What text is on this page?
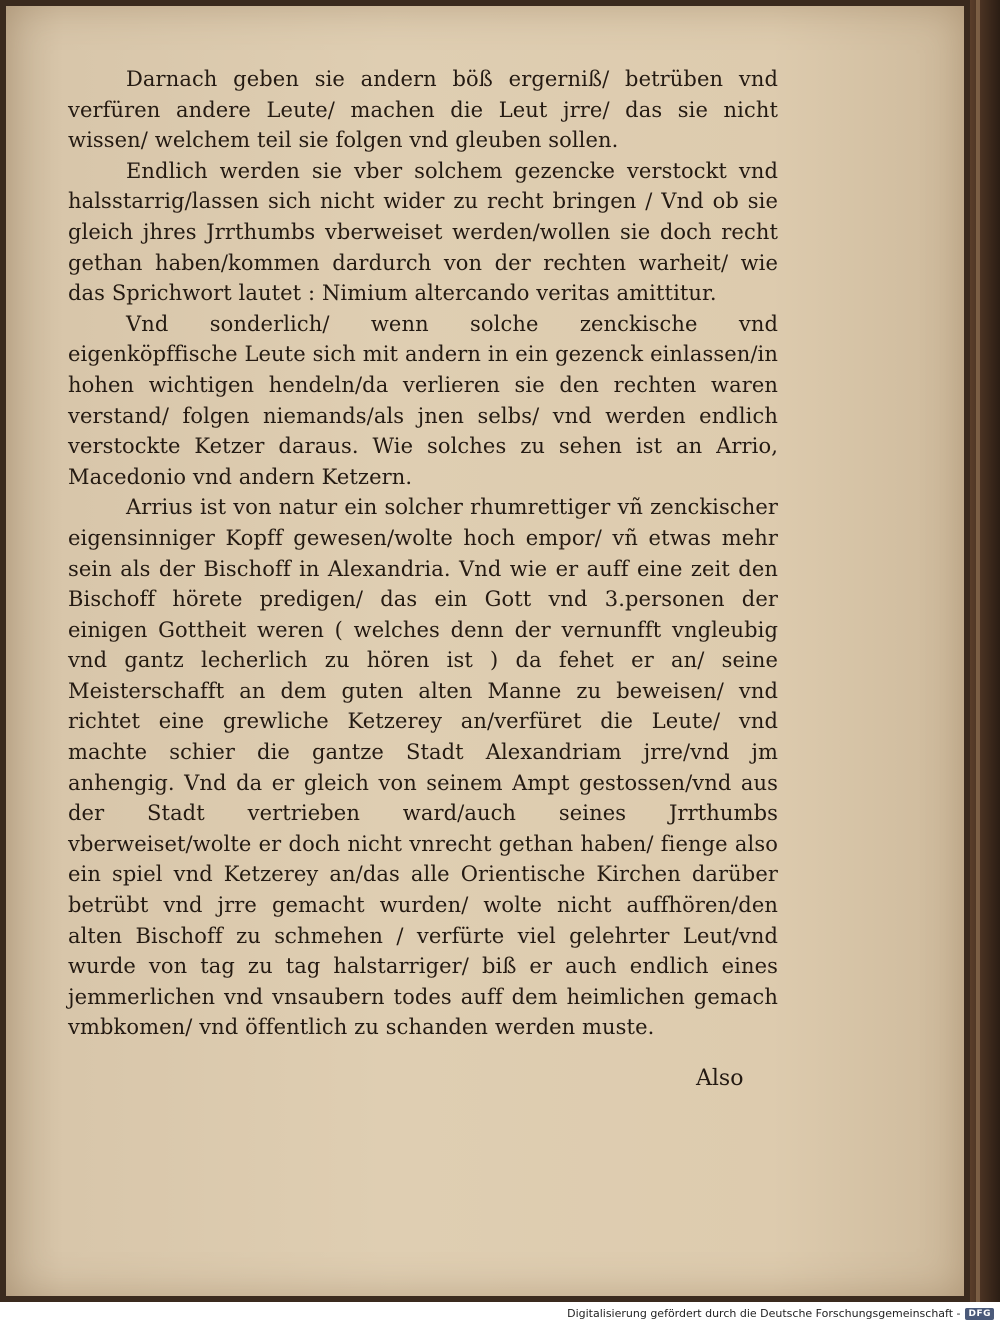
Darnach geben sie andern böß ergerniß/ betrüben vnd verfüren andere Leute/ machen die Leut jrre/ das sie nicht wissen/ welchem teil sie folgen vnd gleuben sollen.

Endlich werden sie vber solchem gezencke verstockt vnd halsstarrig/lassen sich nicht wider zu recht bringen / Vnd ob sie gleich jhres Jrrthumbs vberweiset werden/wollen sie doch recht gethan haben/kommen dardurch von der rechten warheit/ wie das Sprichwort lautet : Nimium altercando veritas amittitur.

Vnd sonderlich/ wenn solche zenckische vnd eigenköpffische Leute sich mit andern in ein gezenck einlassen/in hohen wichtigen hendeln/da verlieren sie den rechten waren verstand/ folgen niemands/als jnen selbs/ vnd werden endlich verstockte Ketzer daraus. Wie solches zu sehen ist an Arrio, Macedonio vnd andern Ketzern.

Arrius ist von natur ein solcher rhumrettiger vñ zenckischer eigensinniger Kopff gewesen/wolte hoch empor/ vñ etwas mehr sein als der Bischoff in Alexandria. Vnd wie er auff eine zeit den Bischoff hörete predigen/ das ein Gott vnd 3.personen der einigen Gottheit weren ( welches denn der vernunfft vngleubig vnd gantz lecherlich zu hören ist ) da fehet er an/ seine Meisterschafft an dem guten alten Manne zu beweisen/ vnd richtet eine grewliche Ketzerey an/verfüret die Leute/ vnd machte schier die gantze Stadt Alexandriam jrre/vnd jm anhengig. Vnd da er gleich von seinem Ampt gestossen/vnd aus der Stadt vertrieben ward/auch seines Jrrthumbs vberweiset/wolte er doch nicht vnrecht gethan haben/ fienge also ein spiel vnd Ketzerey an/das alle Orientische Kirchen darüber betrübt vnd jrre gemacht wurden/ wolte nicht auffhören/den alten Bischoff zu schmehen / verfürte viel gelehrter Leut/vnd wurde von tag zu tag halstarriger/ biß er auch endlich eines jemmerlichen vnd vnsaubern todes auff dem heimlichen gemach vmbkomen/ vnd öffentlich zu schanden werden muste.

Also
Digitalisierung gefördert durch die Deutsche Forschungsgemeinschaft - DFG
